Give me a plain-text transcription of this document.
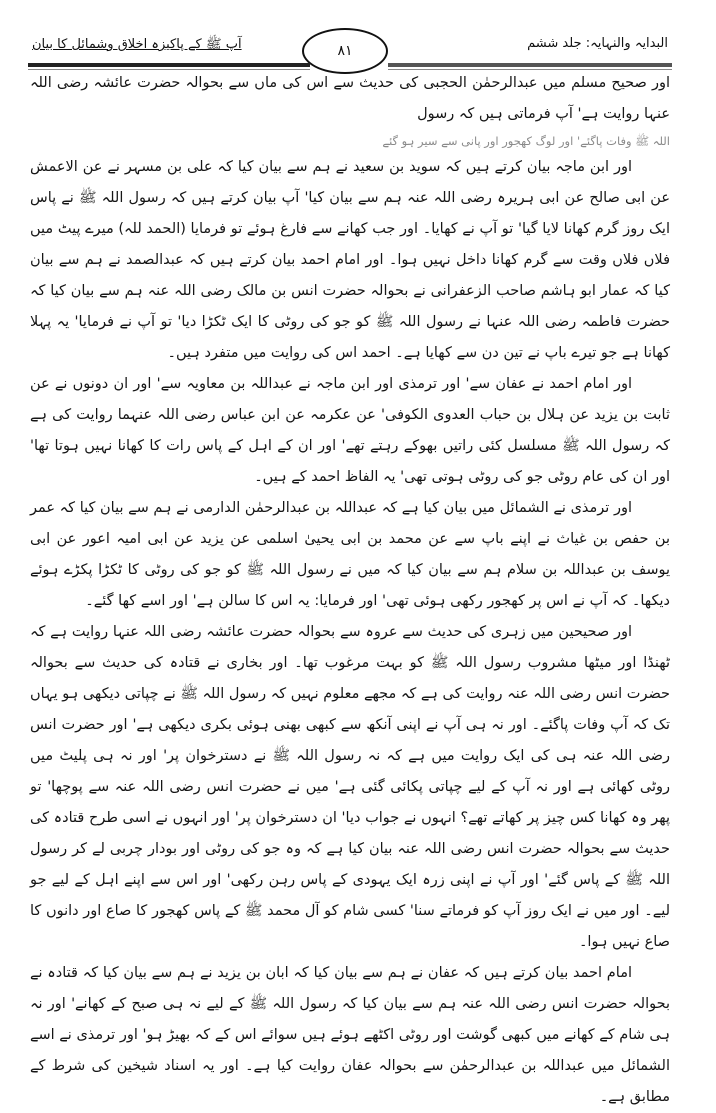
البدایہ والنہایہ: جلد ششم
۸۱
آپ ﷺ کے پاکیزہ اخلاق وشمائل کا بیان

اور صحیح مسلم میں عبدالرحمٰن الحجبی کی حدیث سے اس کی ماں سے بحوالہ حضرت عائشہ رضی اللہ عنہا روایت ہے' آپ فرماتی ہیں کہ رسول

اللہ ﷺ وفات پاگئے' اور لوگ کھجور اور پانی سے سیر ہو گئے

اور ابن ماجہ بیان کرتے ہیں کہ سوید بن سعید نے ہم سے بیان کیا کہ علی بن مسہر نے عن الاعمش عن ابی صالح عن ابی ہریرہ رضی اللہ عنہ ہم سے بیان کیا' آپ بیان کرتے ہیں کہ رسول اللہ ﷺ نے پاس ایک روز گرم کھانا لایا گیا' تو آپ نے کھایا۔ اور جب کھانے سے فارغ ہوئے تو فرمایا (الحمد للہ) میرے پیٹ میں فلاں فلاں وقت سے گرم کھانا داخل نہیں ہوا۔ اور امام احمد بیان کرتے ہیں کہ عبدالصمد نے ہم سے بیان کیا کہ عمار ابو ہاشم صاحب الزعفرانی نے بحوالہ حضرت انس بن مالک رضی اللہ عنہ ہم سے بیان کیا کہ حضرت فاطمہ رضی اللہ عنہا نے رسول اللہ ﷺ کو جو کی روٹی کا ایک ٹکڑا دیا' تو آپ نے فرمایا' یہ پہلا کھانا ہے جو تیرے باپ نے تین دن سے کھایا ہے۔ احمد اس کی روایت میں متفرد ہیں۔

اور امام احمد نے عفان سے' اور ترمذی اور ابن ماجہ نے عبداللہ بن معاویہ سے' اور ان دونوں نے عن ثابت بن یزید عن ہلال بن حباب العدوی الکوفی' عن عکرمہ عن ابن عباس رضی اللہ عنہما روایت کی ہے کہ رسول اللہ ﷺ مسلسل کئی راتیں بھوکے رہتے تھے' اور ان کے اہل کے پاس رات کا کھانا نہیں ہوتا تھا' اور ان کی عام روٹی جو کی روٹی ہوتی تھی' یہ الفاظ احمد کے ہیں۔

اور ترمذی نے الشمائل میں بیان کیا ہے کہ عبداللہ بن عبدالرحمٰن الدارمی نے ہم سے بیان کیا کہ عمر بن حفص بن غیاث نے اپنے باپ سے عن محمد بن ابی یحییٰ اسلمی عن یزید عن ابی امیہ اعور عن ابی یوسف بن عبداللہ بن سلام ہم سے بیان کیا کہ میں نے رسول اللہ ﷺ کو جو کی روٹی کا ٹکڑا پکڑے ہوئے دیکھا۔ کہ آپ نے اس پر کھجور رکھی ہوئی تھی' اور فرمایا: یہ اس کا سالن ہے' اور اسے کھا گئے۔

اور صحیحین میں زہری کی حدیث سے عروہ سے بحوالہ حضرت عائشہ رضی اللہ عنہا روایت ہے کہ ٹھنڈا اور میٹھا مشروب رسول اللہ ﷺ کو بہت مرغوب تھا۔ اور بخاری نے قتادہ کی حدیث سے بحوالہ حضرت انس رضی اللہ عنہ روایت کی ہے کہ مجھے معلوم نہیں کہ رسول اللہ ﷺ نے چپاتی دیکھی ہو یہاں تک کہ آپ وفات پاگئے۔ اور نہ ہی آپ نے اپنی آنکھ سے کبھی بھنی ہوئی بکری دیکھی ہے' اور حضرت انس رضی اللہ عنہ ہی کی ایک روایت میں ہے کہ نہ رسول اللہ ﷺ نے دسترخوان پر' اور نہ ہی پلیٹ میں روٹی کھائی ہے اور نہ آپ کے لیے چپاتی پکائی گئی ہے' میں نے حضرت انس رضی اللہ عنہ سے پوچھا' تو پھر وہ کھانا کس چیز پر کھاتے تھے؟ انہوں نے جواب دیا' ان دسترخوان پر' اور انہوں نے اسی طرح قتادہ کی حدیث سے بحوالہ حضرت انس رضی اللہ عنہ بیان کیا ہے کہ وہ جو کی روٹی اور بودار چربی لے کر رسول اللہ ﷺ کے پاس گئے' اور آپ نے اپنی زرہ ایک یہودی کے پاس رہن رکھی' اور اس سے اپنے اہل کے لیے جو لیے۔ اور میں نے ایک روز آپ کو فرماتے سنا' کسی شام کو آل محمد ﷺ کے پاس کھجور کا صاع اور دانوں کا صاع نہیں ہوا۔

امام احمد بیان کرتے ہیں کہ عفان نے ہم سے بیان کیا کہ ابان بن یزید نے ہم سے بیان کیا کہ قتادہ نے بحوالہ حضرت انس رضی اللہ عنہ ہم سے بیان کیا کہ رسول اللہ ﷺ کے لیے نہ ہی صبح کے کھانے' اور نہ ہی شام کے کھانے میں کبھی گوشت اور روٹی اکٹھے ہوئے ہیں سوائے اس کے کہ بھیڑ ہو' اور ترمذی نے اسے الشمائل میں عبداللہ بن عبدالرحمٰن سے بحوالہ عفان روایت کیا ہے۔ اور یہ اسناد شیخین کی شرط کے مطابق ہے۔
